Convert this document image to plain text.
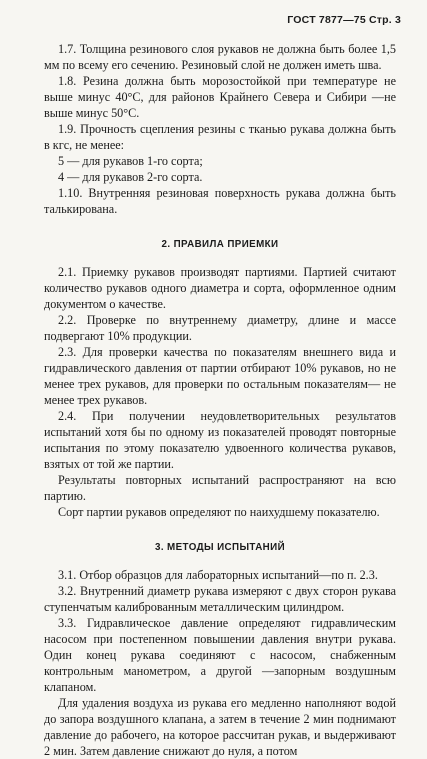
ГОСТ 7877—75 Стр. 3

1.7. Толщина резинового слоя рукавов не должна быть более 1,5 мм по всему его сечению. Резиновый слой не должен иметь шва.

1.8. Резина должна быть морозостойкой при температуре не выше минус 40°С, для районов Крайнего Севера и Сибири —не выше минус 50°С.

1.9. Прочность сцепления резины с тканью рукава должна быть в кгс, не менее:

5 — для рукавов 1-го сорта;

4 — для рукавов 2-го сорта.

1.10. Внутренняя резиновая поверхность рукава должна быть талькирована.

2. ПРАВИЛА ПРИЕМКИ

2.1. Приемку рукавов производят партиями. Партией считают количество рукавов одного диаметра и сорта, оформленное одним документом о качестве.

2.2. Проверке по внутреннему диаметру, длине и массе подвергают 10% продукции.

2.3. Для проверки качества по показателям внешнего вида и гидравлического давления от партии отбирают 10% рукавов, но не менее трех рукавов, для проверки по остальным показателям— не менее трех рукавов.

2.4. При получении неудовлетворительных результатов испытаний хотя бы по одному из показателей проводят повторные испытания по этому показателю удвоенного количества рукавов, взятых от той же партии.

Результаты повторных испытаний распространяют на всю партию.

Сорт партии рукавов определяют по наихудшему показателю.

3. МЕТОДЫ ИСПЫТАНИЙ

3.1. Отбор образцов для лабораторных испытаний—по п. 2.3.

3.2. Внутренний диаметр рукава измеряют с двух сторон рукава ступенчатым калиброванным металлическим цилиндром.

3.3. Гидравлическое давление определяют гидравлическим насосом при постепенном повышении давления внутри рукава. Один конец рукава соединяют с насосом, снабженным контрольным манометром, а другой —запорным воздушным клапаном.

Для удаления воздуха из рукава его медленно наполняют водой до запора воздушного клапана, а затем в течение 2 мин поднимают давление до рабочего, на которое рассчитан рукав, и выдерживают 2 мин. Затем давление снижают до нуля, а потом
